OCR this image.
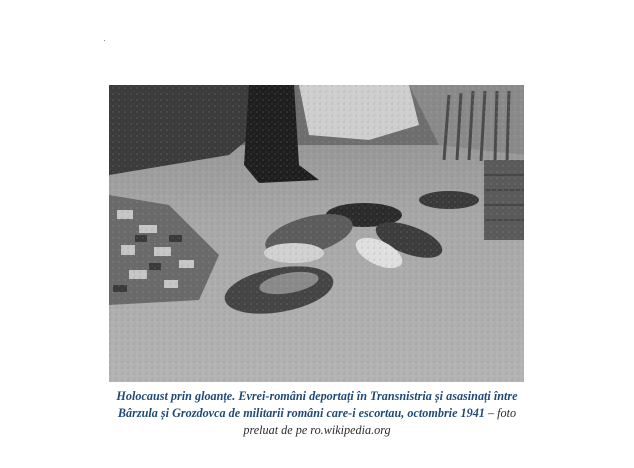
Holocaust prin gloanțe. Evrei-români deportați în Transnistria și asasinați între Bârzula și Grozdovca de militarii români care-i escortau, octombrie 1941 – foto preluat de pe ro.wikipedia.org
